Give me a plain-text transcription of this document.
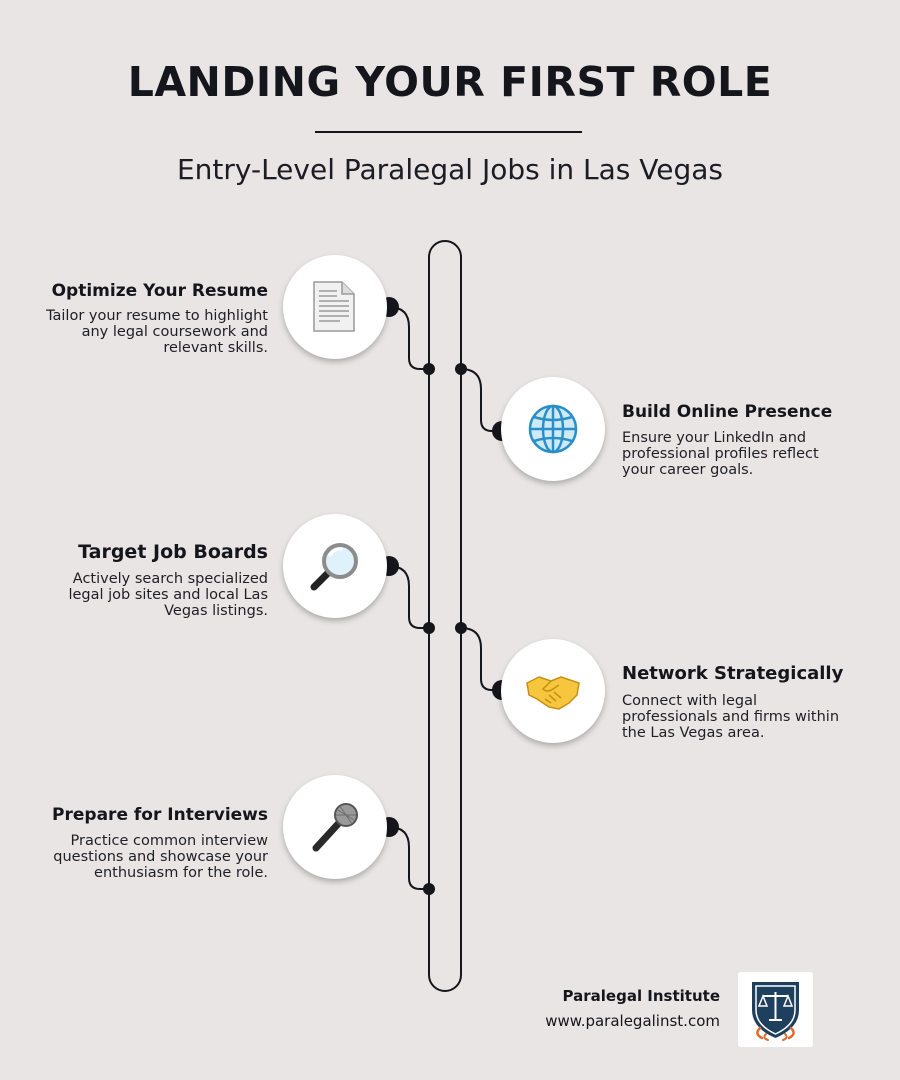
LANDING YOUR FIRST ROLE
Entry-Level Paralegal Jobs in Las Vegas
Optimize Your Resume
Tailor your resume to highlight any legal coursework and relevant skills.
Build Online Presence
Ensure your LinkedIn and professional profiles reflect your career goals.
Target Job Boards
Actively search specialized legal job sites and local Las Vegas listings.
Network Strategically
Connect with legal professionals and firms within the Las Vegas area.
Prepare for Interviews
Practice common interview questions and showcase your enthusiasm for the role.
Paralegal Institute
www.paralegalinst.com
